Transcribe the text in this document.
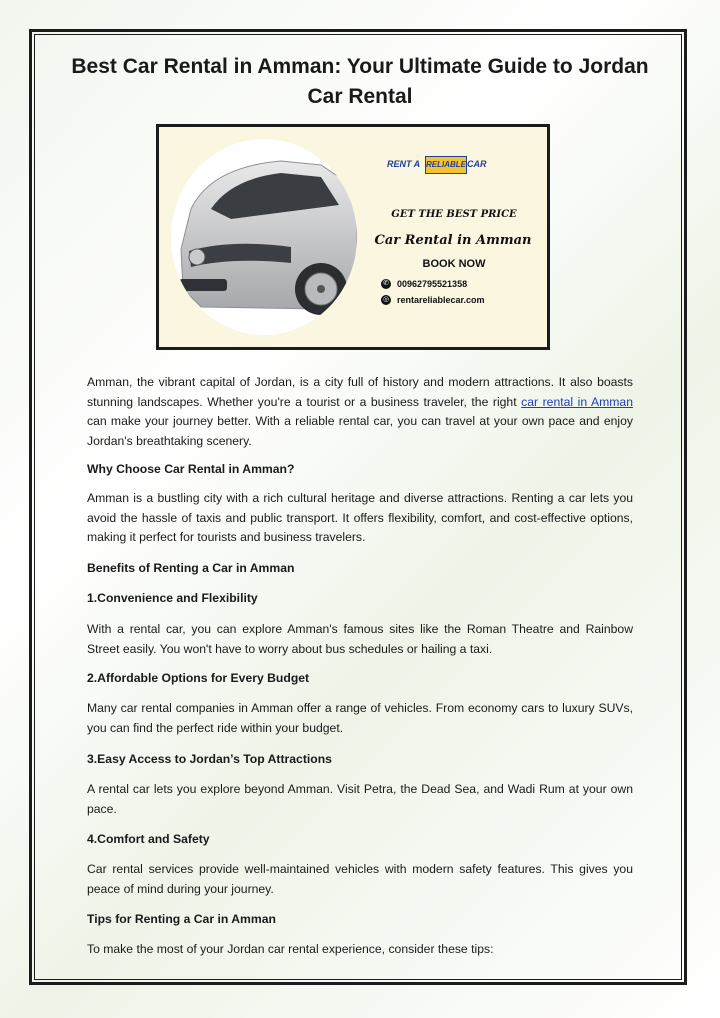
Best Car Rental in Amman: Your Ultimate Guide to Jordan Car Rental
RENT A RELIABLE CAR
GET THE BEST PRICE
Car Rental in Amman
BOOK NOW
✆ 00962795521358
◎ rentareliablecar.com

Amman, the vibrant capital of Jordan, is a city full of history and modern attractions. It also boasts stunning landscapes. Whether you're a tourist or a business traveler, the right car rental in Amman can make your journey better. With a reliable rental car, you can travel at your own pace and enjoy Jordan's breathtaking scenery.

Why Choose Car Rental in Amman?

Amman is a bustling city with a rich cultural heritage and diverse attractions. Renting a car lets you avoid the hassle of taxis and public transport. It offers flexibility, comfort, and cost-effective options, making it perfect for tourists and business travelers.

Benefits of Renting a Car in Amman
1.Convenience and Flexibility

With a rental car, you can explore Amman's famous sites like the Roman Theatre and Rainbow Street easily. You won't have to worry about bus schedules or hailing a taxi.

2.Affordable Options for Every Budget

Many car rental companies in Amman offer a range of vehicles. From economy cars to luxury SUVs, you can find the perfect ride within your budget.

3.Easy Access to Jordan’s Top Attractions

A rental car lets you explore beyond Amman. Visit Petra, the Dead Sea, and Wadi Rum at your own pace.

4.Comfort and Safety

Car rental services provide well-maintained vehicles with modern safety features. This gives you peace of mind during your journey.

Tips for Renting a Car in Amman

To make the most of your Jordan car rental experience, consider these tips:
